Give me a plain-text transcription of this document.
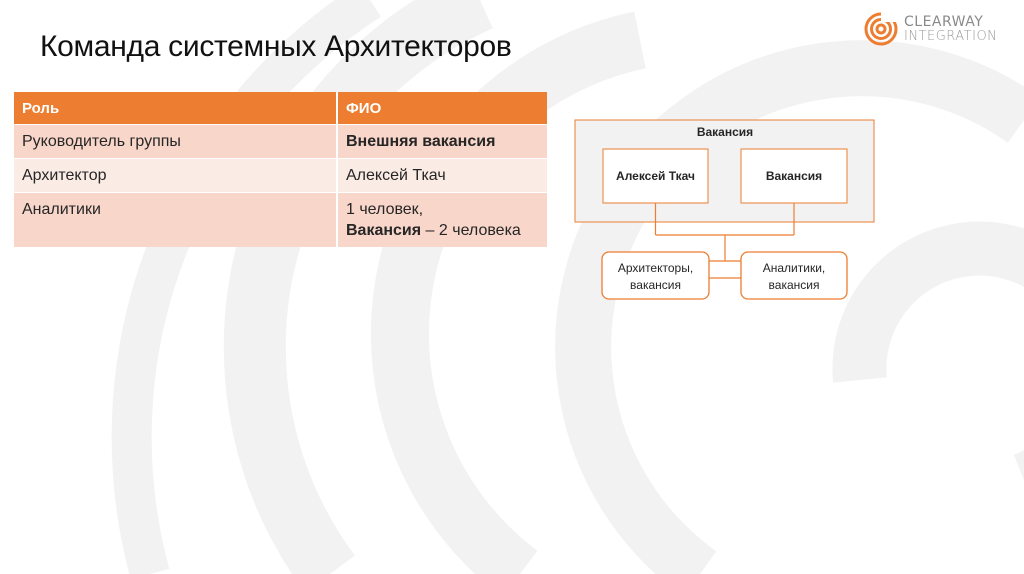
Команда системных Архитекторов
CLEARWAY
INTEGRATION
Роль	ФИО
Руководитель группы	Внешняя вакансия
Архитектор	Алексей Ткач
Аналитики	1 человек,
Вакансия – 2 человека
Вакансия
Алексей Ткач	Вакансия
Архитекторы,
вакансия
Аналитики,
вакансия
